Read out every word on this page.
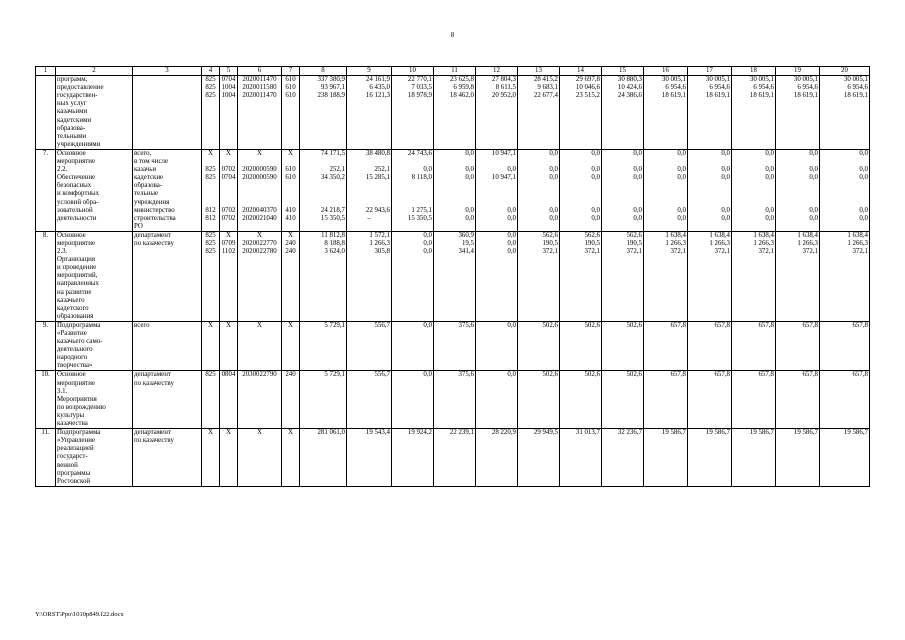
8
1	2	3	4	5	6	7	8	9	10	11	12	13	14	15	16	17	18	19	20
	программ,		825	0704	2020011470	610	337 380,9	24 161,9	22 770,1	23 625,8	27 804,3	28 415,2	29 697,8	30 880,3	30 005,1	30 005,1	30 005,1	30 005,1	30 005,1
	предоставление		825	1004	2020011580	610	93 967,1	6 435,0	7 033,5	6 959,8	8 611,5	9 683,1	10 046,6	10 424,6	6 954,6	6 954,6	6 954,6	6 954,6	6 954,6
	государствен-		825	1004	2020011470	610	238 188,9	16 121,3	18 978,9	18 462,0	20 952,0	22 677,4	23 515,2	24 386,6	18 619,1	18 619,1	18 619,1	18 619,1	18 619,1
	ных услуг																		
	казачьими																		
	кадетскими																		
	образова-																		
	тельными																		
	учреждениями																		
7.	Основное	всего,	Х	Х	Х	Х	74 171,5	38 480,8	24 743,6	0,0	10 947,1	0,0	0,0	0,0	0,0	0,0	0,0	0,0	0,0
	мероприятие	в том числе																	
	2.2.	казачьи	825	0702	2020000590	610	252,1	252,1	0,0	0,0	0,0	0,0	0,0	0,0	0,0	0,0	0,0	0,0	0,0
	Обеспечение	кадетские	825	0704	2020000590	610	34 350,2	15 285,1	8 118,0	0,0	10 947,1	0,0	0,0	0,0	0,0	0,0	0,0	0,0	0,0
	безопасных	образова-																	
	и комфортных	тельные																	
	условий обра-	учреждения																	
	зовательной	министерство	812	0702	2020040370	410	24 218,7	22 943,6	1 275,1	0,0	0,0	0,0	0,0	0,0	0,0	0,0	0,0	0,0	0,0
	деятельности	строительства	812	0702	2020021040	410	15 350,5	–	15 350,5	0,0	0,0	0,0	0,0	0,0	0,0	0,0	0,0	0,0	0,0
		РО																	
8.	Основное	департамент	825	Х	Х	Х	11 812,8	1 572,1	0,0	360,9	0,0	562,6	562,6	562,6	1 638,4	1 638,4	1 638,4	1 638,4	1 638,4
	мероприятие	по казачеству	825	0709	2020022770	240	8 188,8	1 266,3	0,0	19,5	0,0	190,5	190,5	190,5	1 266,3	1 266,3	1 266,3	1 266,3	1 266,3
	2.3.		825	1102	2020022780	240	3 624,0	305,8	0,0	341,4	0,0	372,1	372,1	372,1	372,1	372,1	372,1	372,1	372,1
	Организация																		
	и проведение																		
	мероприятий,																		
	направленных																		
	на развитие																		
	казачьего																		
	кадетского																		
	образования																		
9.	Подпрограмма	всего	Х	Х	Х	Х	5 729,1	556,7	0,0	375,6	0,0	502,6	502,6	502,6	657,8	657,8	657,8	657,8	657,8
	«Развитие																		
	казачьего само-																		
	деятельного																		
	народного																		
	творчества»																		
10.	Основное	департамент	825	0804	2030022790	240	5 729,1	556,7	0,0	375,6	0,0	502,6	502,6	502,6	657,8	657,8	657,8	657,8	657,8
	мероприятие	по казачеству																	
	3.1.																		
	Мероприятия																		
	по возрождению																		
	культуры																		
	казачества																		
11.	Подпрограмма	департамент	Х	Х	Х	Х	281 061,0	19 543,4	19 924,2	22 239,1	28 220,9	29 949,5	31 013,7	32 236,7	19 586,7	19 586,7	19 586,7	19 586,7	19 586,7
	«Управление	по казачеству																	
	реализацией																		
	государст-																		
	венной																		
	программы																		
	Ростовской																		
Y:\ORST\Ppo\1010p849.f22.docx
